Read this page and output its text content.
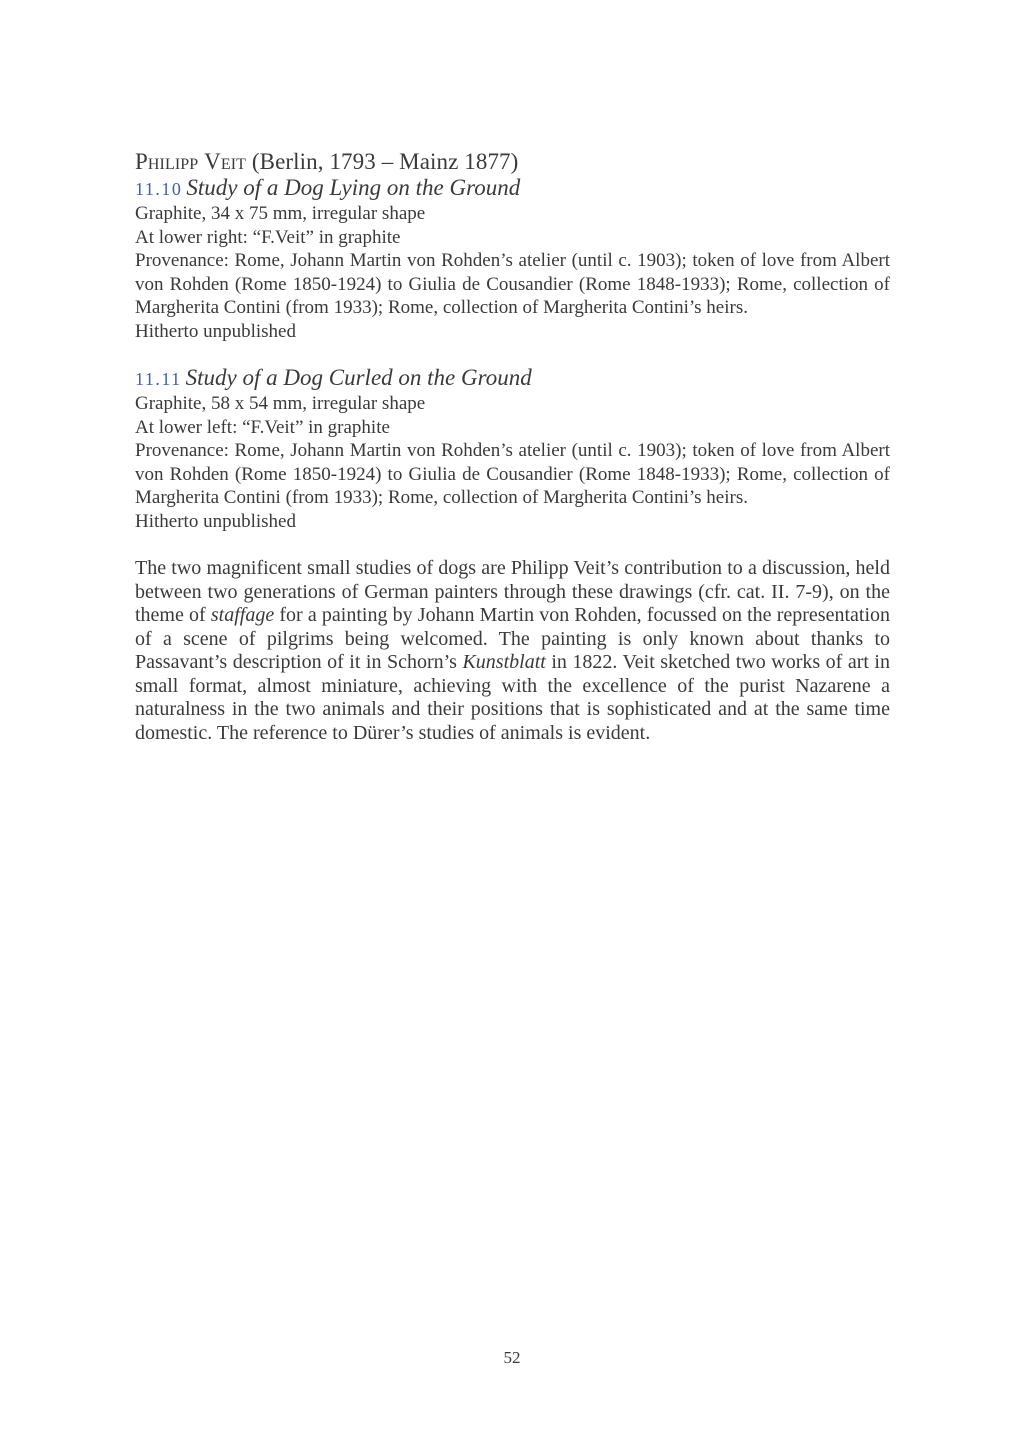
Philipp Veit (Berlin, 1793 – Mainz 1877)
11.10 Study of a Dog Lying on the Ground
Graphite, 34 x 75 mm, irregular shape
At lower right: “F.Veit” in graphite
Provenance: Rome, Johann Martin von Rohden’s atelier (until c. 1903); token of love from Albert von Rohden (Rome 1850-1924) to Giulia de Cousandier (Rome 1848-1933); Rome, collection of Margherita Contini (from 1933); Rome, collection of Margherita Contini’s heirs.
Hitherto unpublished
11.11 Study of a Dog Curled on the Ground
Graphite, 58 x 54 mm, irregular shape
At lower left: “F.Veit” in graphite
Provenance: Rome, Johann Martin von Rohden’s atelier (until c. 1903); token of love from Albert von Rohden (Rome 1850-1924) to Giulia de Cousandier (Rome 1848-1933); Rome, collection of Margherita Contini (from 1933); Rome, collection of Margherita Contini’s heirs.
Hitherto unpublished

The two magnificent small studies of dogs are Philipp Veit’s contribution to a discussion, held between two generations of German painters through these drawings (cfr. cat. II. 7-9), on the theme of staffage for a painting by Johann Martin von Rohden, focussed on the representation of a scene of pilgrims being welcomed. The painting is only known about thanks to Passavant’s description of it in Schorn’s Kunstblatt in 1822. Veit sketched two works of art in small format, almost miniature, achieving with the excellence of the purist Nazarene a naturalness in the two animals and their positions that is sophisticated and at the same time domestic. The reference to Dürer’s studies of animals is evident.

52
